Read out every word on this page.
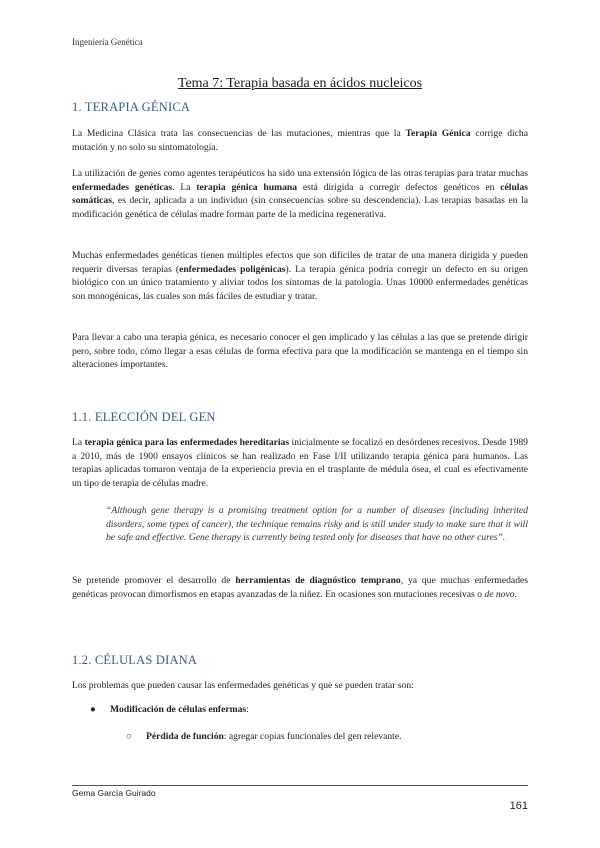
Ingeniería Genética
Tema 7: Terapia basada en ácidos nucleicos
1. TERAPIA GÉNICA

La Medicina Clásica trata las consecuencias de las mutaciones, mientras que la Terapia Génica corrige dicha mutación y no solo su sintomatología.

La utilización de genes como agentes terapéuticos ha sido una extensión lógica de las otras terapias para tratar muchas enfermedades genéticas. La terapia génica humana está dirigida a corregir defectos genéticos en células somáticas, es decir, aplicada a un individuo (sin consecuencias sobre su descendencia). Las terapias basadas en la modificación genética de células madre forman parte de la medicina regenerativa.

Muchas enfermedades genéticas tienen múltiples efectos que son difíciles de tratar de una manera dirigida y pueden requerir diversas terapias (enfermedades poligénicas). La terapia génica podría corregir un defecto en su origen biológico con un único tratamiento y aliviar todos los síntomas de la patología. Unas 10000 enfermedades genéticas son monogénicas, las cuales son más fáciles de estudiar y tratar.

Para llevar a cabo una terapia génica, es necesario conocer el gen implicado y las células a las que se pretende dirigir pero, sobre todo, cómo llegar a esas células de forma efectiva para que la modificación se mantenga en el tiempo sin alteraciones importantes.

1.1. ELECCIÓN DEL GEN

La terapia génica para las enfermedades hereditarias inicialmente se focalizó en desórdenes recesivos. Desde 1989 a 2010, más de 1900 ensayos clínicos se han realizado en Fase I/II utilizando terapia génica para humanos. Las terapias aplicadas tomaron ventaja de la experiencia previa en el trasplante de médula ósea, el cual es efectivamente un tipo de terapia de células madre.

“Although gene therapy is a promising treatment option for a number of diseases (including inherited disorders, some types of cancer), the technique remains risky and is still under study to make sure that it will be safe and effective. Gene therapy is currently being tested only for diseases that have no other cures”.

Se pretende promover el desarrollo de herramientas de diagnóstico temprano, ya que muchas enfermedades genéticas provocan dimorfismos en etapas avanzadas de la niñez. En ocasiones son mutaciones recesivas o de novo.

1.2. CÉLULAS DIANA

Los problemas que pueden causar las enfermedades genéticas y que se pueden tratar son:

● Modificación de células enfermas:
○ Pérdida de función: agregar copias funcionales del gen relevante.
Gema García Guirado
161
